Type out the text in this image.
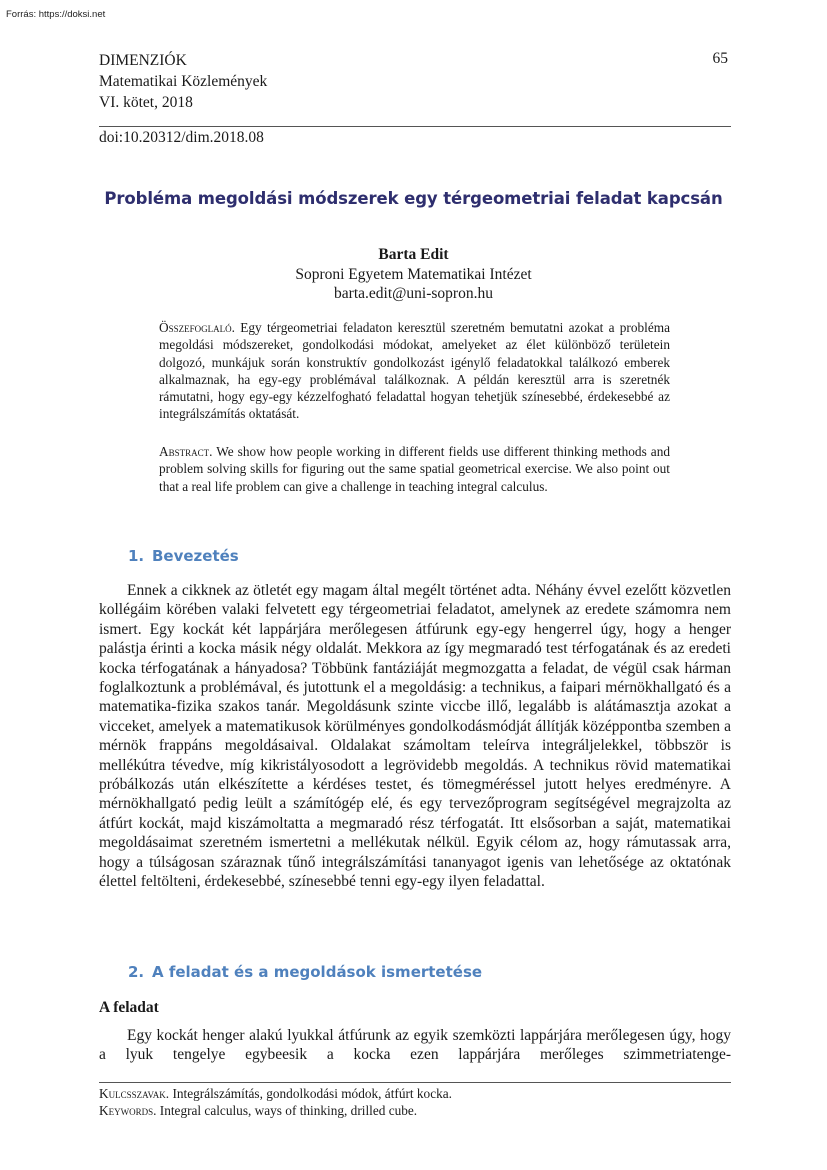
Forrás: https://doksi.net
DIMENZIÓK
Matematikai Közlemények
VI. kötet, 2018
65
doi:10.20312/dim.2018.08
Probléma megoldási módszerek egy térgeometriai feladat kapcsán
Barta Edit
Soproni Egyetem Matematikai Intézet
barta.edit@uni-sopron.hu
Összefoglaló. Egy térgeometriai feladaton keresztül szeretném bemutatni azokat a probléma megoldási módszereket, gondolkodási módokat, amelyeket az élet különböző területein dolgozó, munkájuk során konstruktív gondolkozást igénylő feladatokkal találkozó emberek alkalmaznak, ha egy-egy problémával találkoznak. A példán keresztül arra is szeretnék rámutatni, hogy egy-egy kézzelfogható feladattal hogyan tehetjük színesebbé, érdekesebbé az integrálszámítás oktatását.
Abstract. We show how people working in different fields use different thinking methods and problem solving skills for figuring out the same spatial geometrical exercise. We also point out that a real life problem can give a challenge in teaching integral calculus.
1. Bevezetés
Ennek a cikknek az ötletét egy magam által megélt történet adta. Néhány évvel ezelőtt közvetlen kollégáim körében valaki felvetett egy térgeometriai feladatot, amelynek az eredete számomra nem ismert. Egy kockát két lappárjára merőlegesen átfúrunk egy-egy hengerrel úgy, hogy a henger palástja érinti a kocka másik négy oldalát. Mekkora az így megmaradó test térfogatának és az eredeti kocka térfogatának a hányadosa? Többünk fantáziáját megmozgatta a feladat, de végül csak hárman foglalkoztunk a problémával, és jutottunk el a megoldásig: a technikus, a faipari mérnökhallgató és a matematika-fizika szakos tanár. Megoldásunk szinte viccbe illő, legalább is alátámasztja azokat a vicceket, amelyek a matematikusok körülményes gondolkodásmódját állítják középpontba szemben a mérnök frappáns megoldásaival. Oldalakat számoltam teleírva integráljelekkel, többször is mellékútra tévedve, míg kikristályosodott a legrövidebb megoldás. A technikus rövid matematikai próbálkozás után elkészítette a kérdéses testet, és tömegméréssel jutott helyes eredményre. A mérnökhallgató pedig leült a számítógép elé, és egy tervezőprogram segítségével megrajzolta az átfúrt kockát, majd kiszámoltatta a megmaradó rész térfogatát. Itt elsősorban a saját, matematikai megoldásaimat szeretném ismertetni a mellékutak nélkül. Egyik célom az, hogy rámutassak arra, hogy a túlságosan száraznak tűnő integrálszámítási tananyagot igenis van lehetősége az oktatónak élettel feltölteni, érdekesebbé, színesebbé tenni egy-egy ilyen feladattal.
2. A feladat és a megoldások ismertetése
A feladat
Egy kockát henger alakú lyukkal átfúrunk az egyik szemközti lappárjára merőlegesen úgy, hogy a lyuk tengelye egybeesik a kocka ezen lappárjára merőleges szimmetriatenge-
Kulcsszavak. Integrálszámítás, gondolkodási módok, átfúrt kocka.
Keywords. Integral calculus, ways of thinking, drilled cube.
